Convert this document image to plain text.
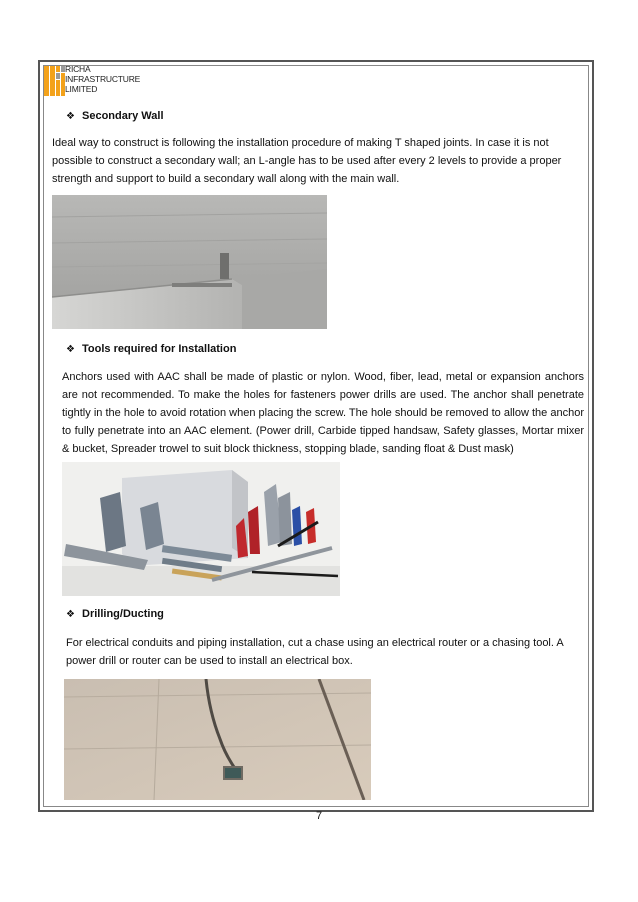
RICHA
INFRASTRUCTURE
LIMITED
❖ Secondary Wall

Ideal way to construct is following the installation procedure of making T shaped joints. In case it is not possible to construct a secondary wall; an L-angle has to be used after every 2 levels to provide a proper strength and support to build a secondary wall along with the main wall.

❖ Tools required for Installation

Anchors used with AAC shall be made of plastic or nylon. Wood, fiber, lead, metal or expansion anchors are not recommended. To make the holes for fasteners power drills are used. The anchor shall penetrate tightly in the hole to avoid rotation when placing the screw. The hole should be removed to allow the anchor to fully penetrate into an AAC element. (Power drill, Carbide tipped handsaw, Safety glasses, Mortar mixer & bucket, Spreader trowel to suit block thickness, stopping blade, sanding float & Dust mask)

❖ Drilling/Ducting

For electrical conduits and piping installation, cut a chase using an electrical router or a chasing tool. A power drill or router can be used to install an electrical box.

7
